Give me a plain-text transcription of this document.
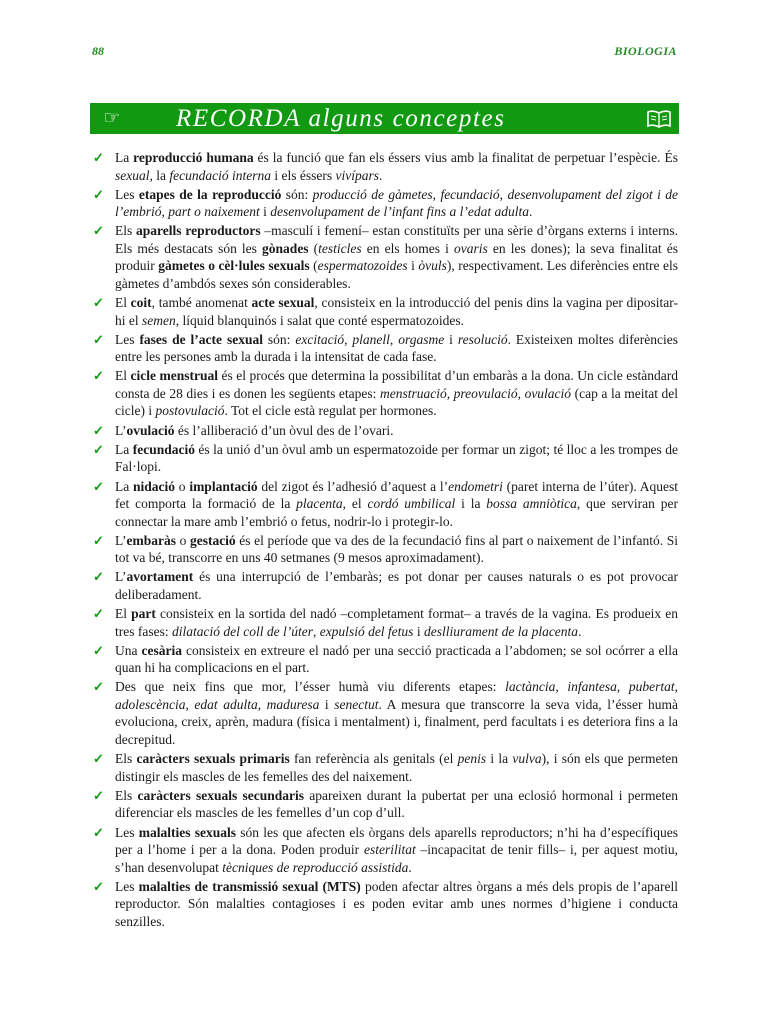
88	BIOLOGIA
☞	RECORDA alguns conceptes
✓ La reproducció humana és la funció que fan els éssers vius amb la finalitat de perpetuar l’espècie. És sexual, la fecundació interna i els éssers vivípars.
✓ Les etapes de la reproducció són: producció de gàmetes, fecundació, desenvolupament del zigot i de l’embrió, part o naixement i desenvolupament de l’infant fins a l’edat adulta.
✓ Els aparells reproductors –masculí i femení– estan constituïts per una sèrie d’òrgans externs i interns. Els més destacats són les gònades (testicles en els homes i ovaris en les dones); la seva finalitat és produir gàmetes o cèl·lules sexuals (espermatozoides i òvuls), respectivament. Les diferències entre els gàmetes d’ambdós sexes són considerables.
✓ El coit, també anomenat acte sexual, consisteix en la introducció del penis dins la vagina per dipositar-hi el semen, líquid blanquinós i salat que conté espermatozoides.
✓ Les fases de l’acte sexual són: excitació, planell, orgasme i resolució. Existeixen moltes diferències entre les persones amb la durada i la intensitat de cada fase.
✓ El cicle menstrual és el procés que determina la possibilitat d’un embaràs a la dona. Un cicle estàndard consta de 28 dies i es donen les següents etapes: menstruació, preovulació, ovulació (cap a la meitat del cicle) i postovulació. Tot el cicle està regulat per hormones.
✓ L’ovulació és l’alliberació d’un òvul des de l’ovari.
✓ La fecundació és la unió d’un òvul amb un espermatozoide per formar un zigot; té lloc a les trompes de Fal·lopi.
✓ La nidació o implantació del zigot és l’adhesió d’aquest a l’endometri (paret interna de l’úter). Aquest fet comporta la formació de la placenta, el cordó umbilical i la bossa amniòtica, que serviran per connectar la mare amb l’embrió o fetus, nodrir-lo i protegir-lo.
✓ L’embaràs o gestació és el període que va des de la fecundació fins al part o naixement de l’infantó. Si tot va bé, transcorre en uns 40 setmanes (9 mesos aproximadament).
✓ L’avortament és una interrupció de l’embaràs; es pot donar per causes naturals o es pot provocar deliberadament.
✓ El part consisteix en la sortida del nadó –completament format– a través de la vagina. Es produeix en tres fases: dilatació del coll de l’úter, expulsió del fetus i deslliurament de la placenta.
✓ Una cesària consisteix en extreure el nadó per una secció practicada a l’abdomen; se sol ocórrer a ella quan hi ha complicacions en el part.
✓ Des que neix fins que mor, l’ésser humà viu diferents etapes: lactància, infantesa, pubertat, adolescència, edat adulta, maduresa i senectut. A mesura que transcorre la seva vida, l’ésser humà evoluciona, creix, aprèn, madura (física i mentalment) i, finalment, perd facultats i es deteriora fins a la decrepitud.
✓ Els caràcters sexuals primaris fan referència als genitals (el penis i la vulva), i són els que permeten distingir els mascles de les femelles des del naixement.
✓ Els caràcters sexuals secundaris apareixen durant la pubertat per una eclosió hormonal i permeten diferenciar els mascles de les femelles d’un cop d’ull.
✓ Les malalties sexuals són les que afecten els òrgans dels aparells reproductors; n’hi ha d’específiques per a l’home i per a la dona. Poden produir esterilitat –incapacitat de tenir fills– i, per aquest motiu, s’han desenvolupat tècniques de reproducció assistida.
✓ Les malalties de transmissió sexual (MTS) poden afectar altres òrgans a més dels propis de l’aparell reproductor. Són malalties contagioses i es poden evitar amb unes normes d’higiene i conducta senzilles.
